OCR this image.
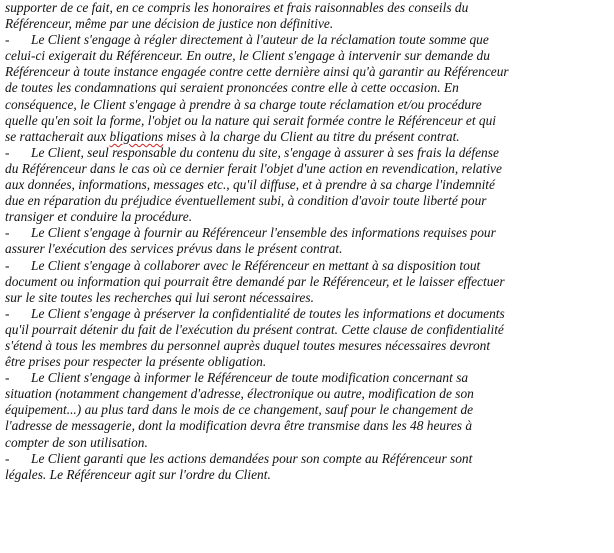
supporter de ce fait, en ce compris les honoraires et frais raisonnables des conseils du
Référenceur, même par une décision de justice non définitive.
- Le Client s'engage à régler directement à l'auteur de la réclamation toute somme que
celui-ci exigerait du Référenceur. En outre, le Client s'engage à intervenir sur demande du
Référenceur à toute instance engagée contre cette dernière ainsi qu'à garantir au Référenceur
de toutes les condamnations qui seraient prononcées contre elle à cette occasion. En
conséquence, le Client s'engage à prendre à sa charge toute réclamation et/ou procédure
quelle qu'en soit la forme, l'objet ou la nature qui serait formée contre le Référenceur et qui
se rattacherait aux bligations mises à la charge du Client au titre du présent contrat.
- Le Client, seul responsable du contenu du site, s'engage à assurer à ses frais la défense
du Référenceur dans le cas où ce dernier ferait l'objet d'une action en revendication, relative
aux données, informations, messages etc., qu'il diffuse, et à prendre à sa charge l'indemnité
due en réparation du préjudice éventuellement subi, à condition d'avoir toute liberté pour
transiger et conduire la procédure.
- Le Client s'engage à fournir au Référenceur l'ensemble des informations requises pour
assurer l'exécution des services prévus dans le présent contrat.
- Le Client s'engage à collaborer avec le Référenceur en mettant à sa disposition tout
document ou information qui pourrait être demandé par le Référenceur, et le laisser effectuer
sur le site toutes les recherches qui lui seront nécessaires.
- Le Client s'engage à préserver la confidentialité de toutes les informations et documents
qu'il pourrait détenir du fait de l'exécution du présent contrat. Cette clause de confidentialité
s'étend à tous les membres du personnel auprès duquel toutes mesures nécessaires devront
être prises pour respecter la présente obligation.
- Le Client s'engage à informer le Référenceur de toute modification concernant sa
situation (notamment changement d'adresse, électronique ou autre, modification de son
équipement...) au plus tard dans le mois de ce changement, sauf pour le changement de
l'adresse de messagerie, dont la modification devra être transmise dans les 48 heures à
compter de son utilisation.
- Le Client garanti que les actions demandées pour son compte au Référenceur sont
légales. Le Référenceur agit sur l'ordre du Client.
